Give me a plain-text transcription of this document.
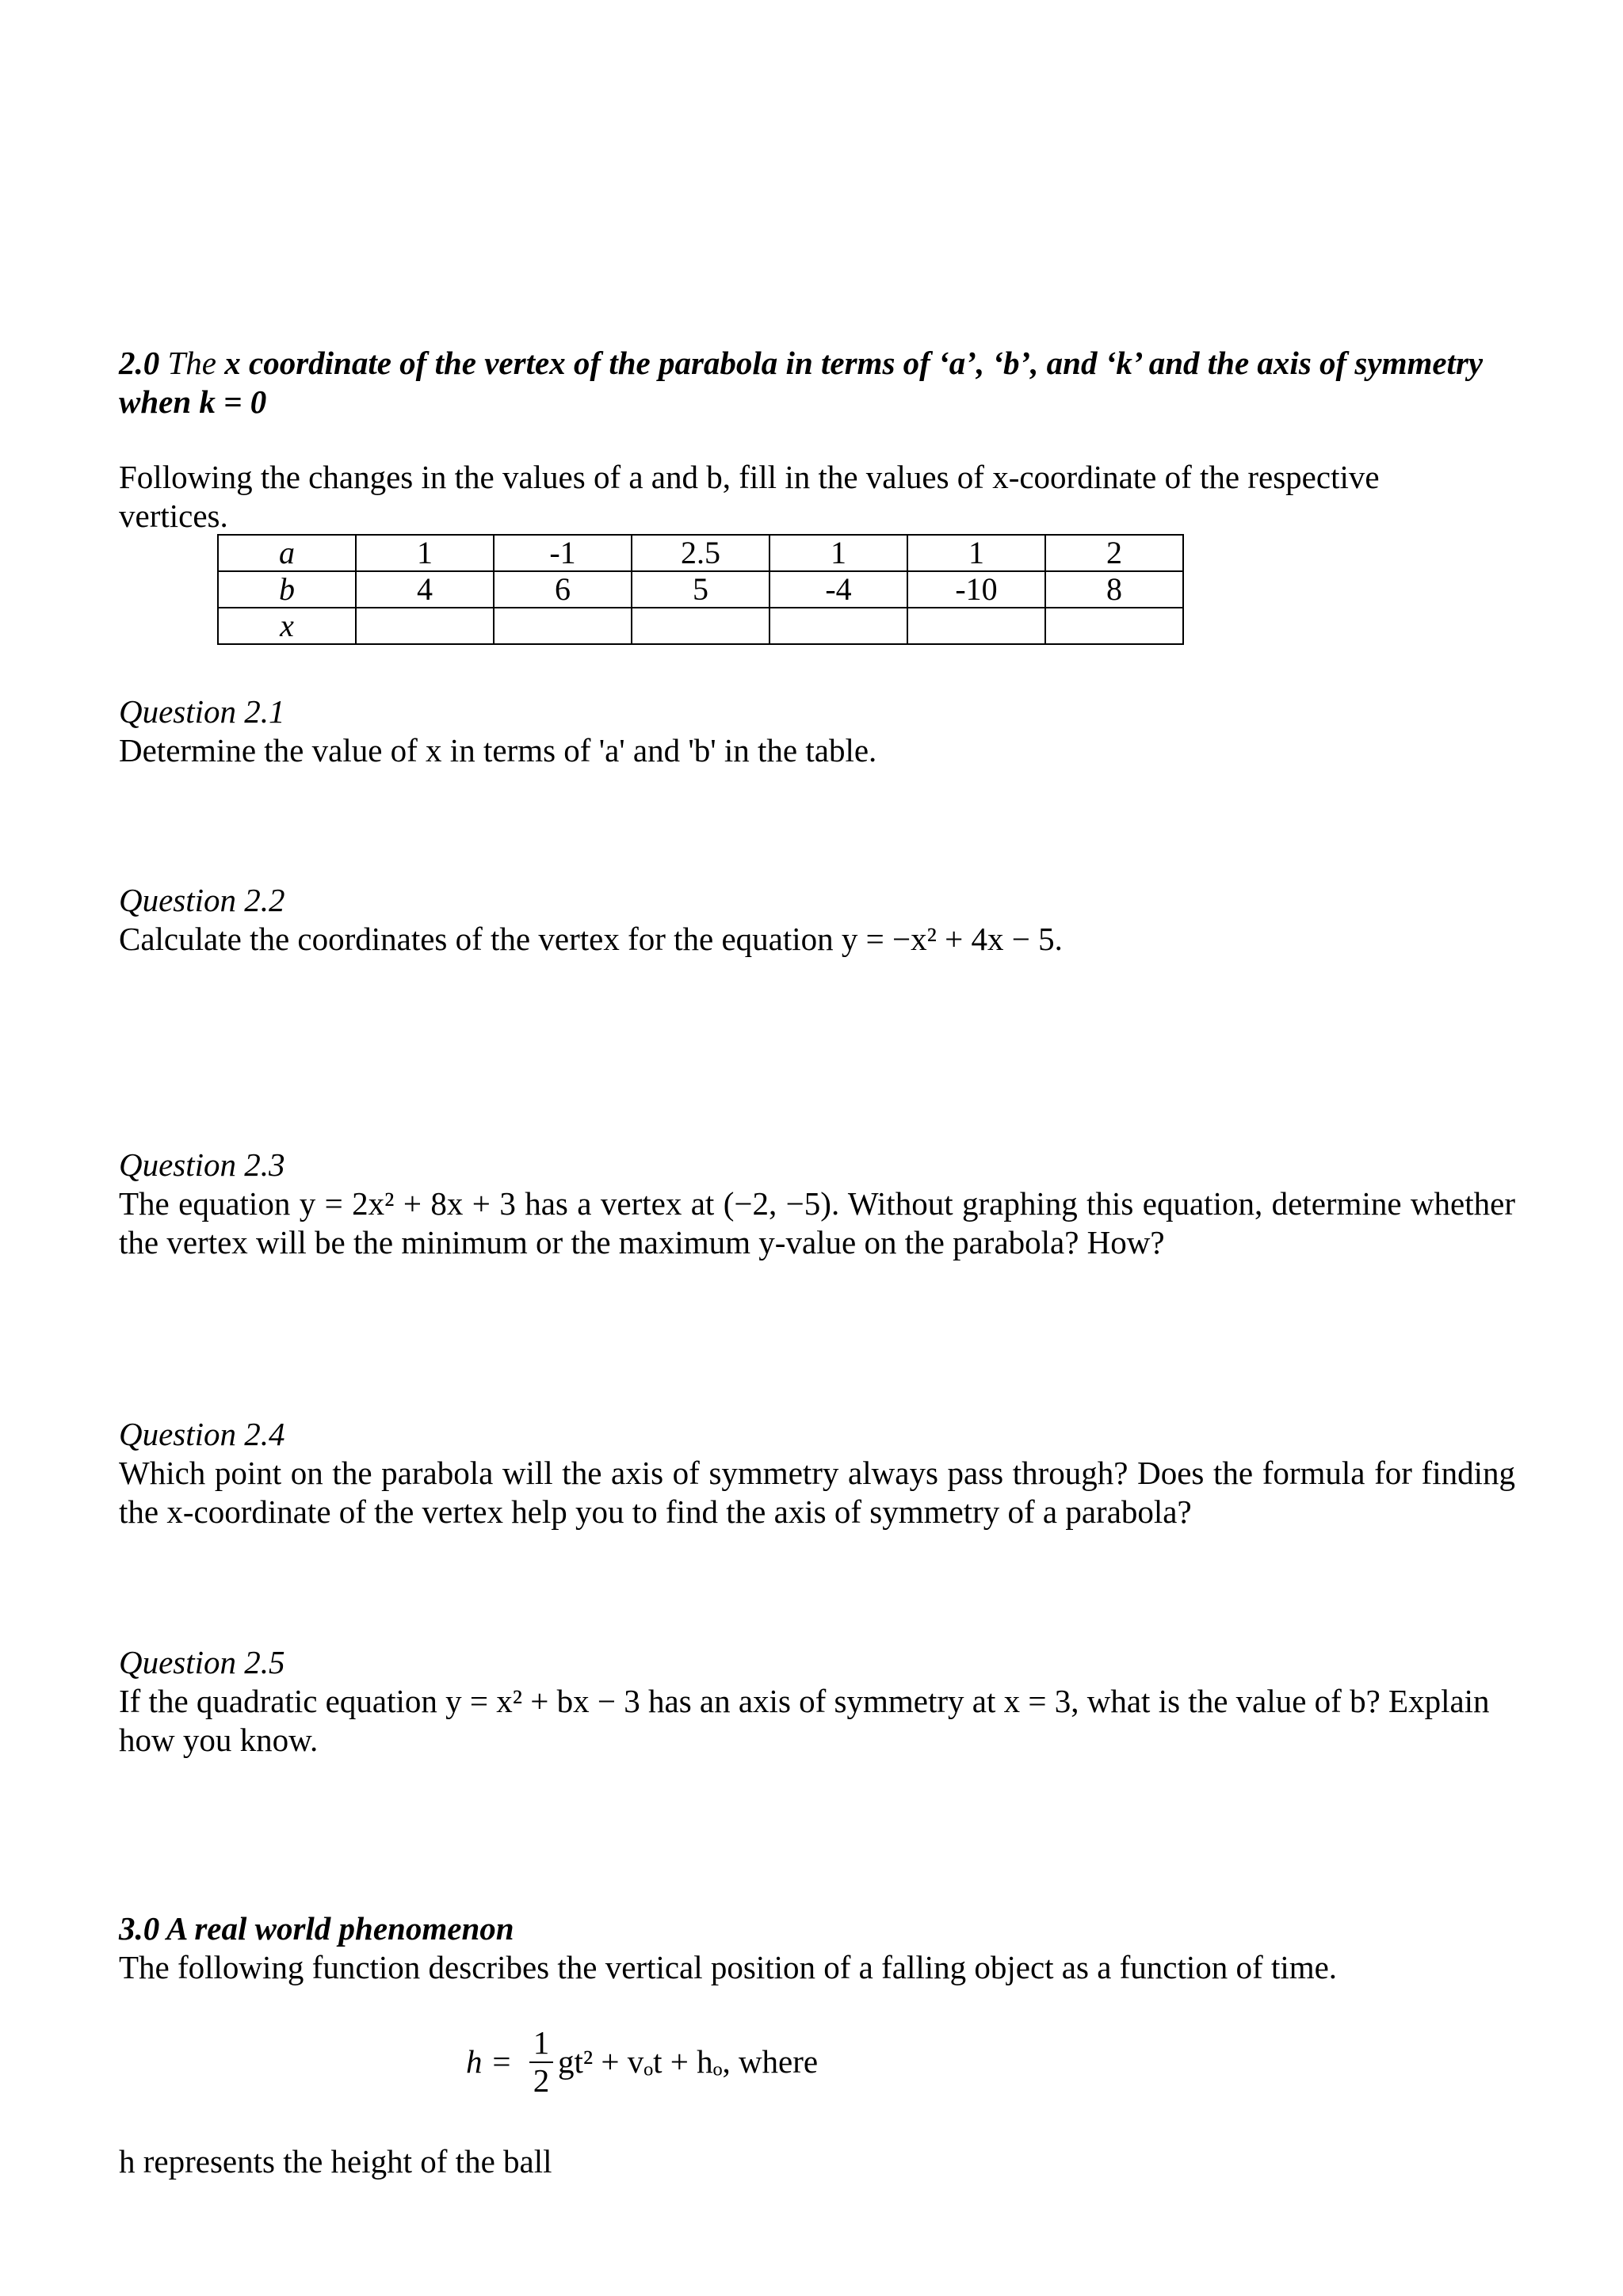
2.0 The x coordinate of the vertex of the parabola in terms of ‘a’, ‘b’, and ‘k’ and the axis of symmetry
when k = 0
Following the changes in the values of a and b, fill in the values of x-coordinate of the respective vertices.
a	1	-1	2.5	1	1	2
b	4	6	5	-4	-10	8
x						
Question 2.1
Determine the value of x in terms of 'a' and 'b' in the table.
Question 2.2
Calculate the coordinates of the vertex for the equation y = −x² + 4x − 5.
Question 2.3
The equation y = 2x² + 8x + 3 has a vertex at (−2, −5). Without graphing this equation, determine whether the vertex will be the minimum or the maximum y-value on the parabola? How?
Question 2.4
Which point on the parabola will the axis of symmetry always pass through? Does the formula for finding the x-coordinate of the vertex help you to find the axis of symmetry of a parabola?
Question 2.5
If the quadratic equation y = x² + bx − 3 has an axis of symmetry at x = 3, what is the value of b? Explain how you know.
3.0 A real world phenomenon
The following function describes the vertical position of a falling object as a function of time.
h =
1
2
gt² + vₒt + hₒ, where
h represents the height of the ball
